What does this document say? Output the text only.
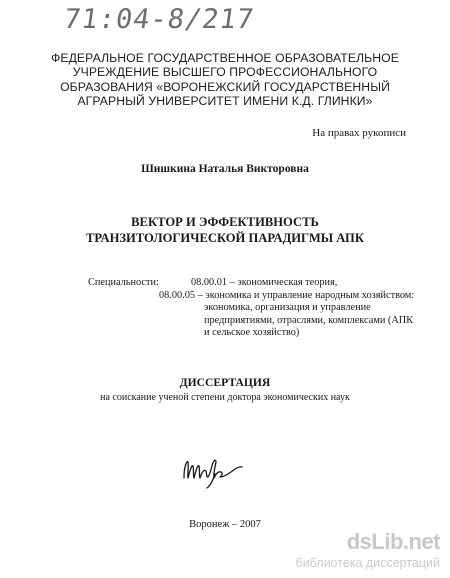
71:04-8/217
ФЕДЕРАЛЬНОЕ ГОСУДАРСТВЕННОЕ ОБРАЗОВАТЕЛЬНОЕ
УЧРЕЖДЕНИЕ ВЫСШЕГО ПРОФЕССИОНАЛЬНОГО
ОБРАЗОВАНИЯ «ВОРОНЕЖСКИЙ ГОСУДАРСТВЕННЫЙ
АГРАРНЫЙ УНИВЕРСИТЕТ ИМЕНИ К.Д. ГЛИНКИ»
На правах рукописи
Шишкина Наталья Викторовна
ВЕКТОР И ЭФФЕКТИВНОСТЬ
ТРАНЗИТОЛОГИЧЕСКОЙ ПАРАДИГМЫ АПК
Специальности:	08.00.01 – экономическая теория,
08.00.05 – экономика и управление народным хозяйством:
экономика, организация и управление
предприятиями, отраслями, комплексами (АПК
и сельское хозяйство)
ДИССЕРТАЦИЯ
на соискание ученой степени доктора экономических наук
Воронеж – 2007
dsLib.net
библиотека диссертаций
